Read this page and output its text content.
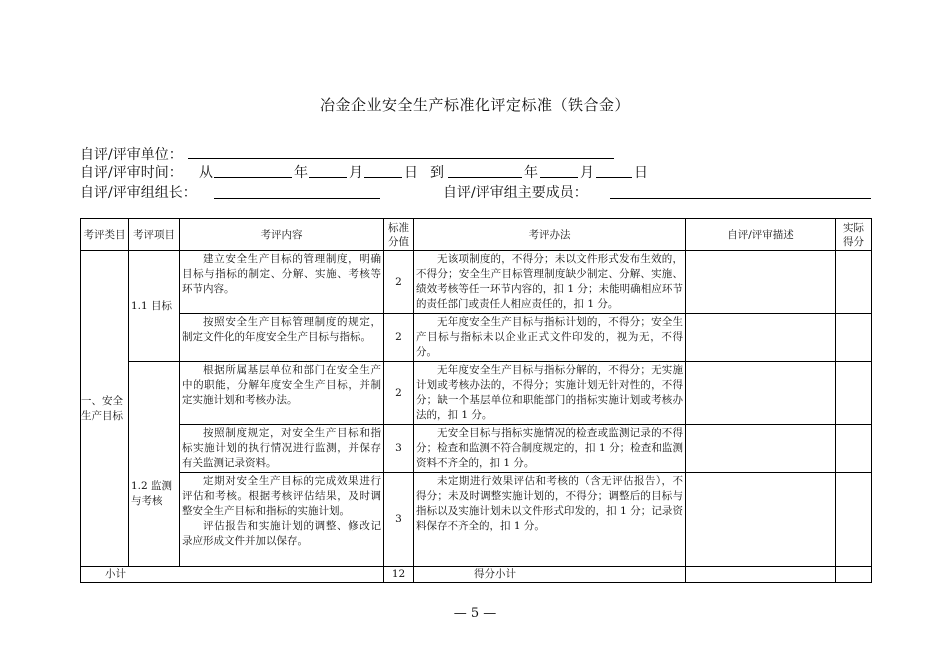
冶金企业安全生产标准化评定标准（铁合金）
自评/评审单位：
自评/评审时间： 从	年	月	日 到	年	月	日
自评/评审组组长：	自评/评审组主要成员：
考评类目	考评项目	考评内容	标准分值	考评办法	自评/评审描述	实际得分
一、安全生产目标	1.1 目标	建立安全生产目标的管理制度，明确目标与指标的制定、分解、实施、考核等环节内容。	2	无该项制度的，不得分；未以文件形式发布生效的，不得分；安全生产目标管理制度缺少制定、分解、实施、绩效考核等任一环节内容的，扣 1 分；未能明确相应环节的责任部门或责任人相应责任的，扣 1 分。		
		按照安全生产目标管理制度的规定，制定文件化的年度安全生产目标与指标。	2	无年度安全生产目标与指标计划的，不得分；安全生产目标与指标未以企业正式文件印发的，视为无，不得分。		
	1.2 监测与考核	根据所属基层单位和部门在安全生产中的职能，分解年度安全生产目标，并制定实施计划和考核办法。	2	无年度安全生产目标与指标分解的，不得分；无实施计划或考核办法的，不得分；实施计划无针对性的，不得分；缺一个基层单位和职能部门的指标实施计划或考核办法的，扣 1 分。		
		按照制度规定，对安全生产目标和指标实施计划的执行情况进行监测，并保存有关监测记录资料。	3	无安全目标与指标实施情况的检查或监测记录的不得分；检查和监测不符合制度规定的，扣 1 分；检查和监测资料不齐全的，扣 1 分。		

		定期对安全生产目标的完成效果进行评估和考核。根据考核评估结果，及时调整安全生产目标和指标的实施计划。
评估报告和实施计划的调整、修改记录应形成文件并加以保存。	3	未定期进行效果评估和考核的（含无评估报告），不得分；未及时调整实施计划的，不得分；调整后的目标与指标以及实施计划未以文件形式印发的，扣 1 分；记录资料保存不齐全的，扣 1 分。		
小计			12	得分小计		
— 5 —
